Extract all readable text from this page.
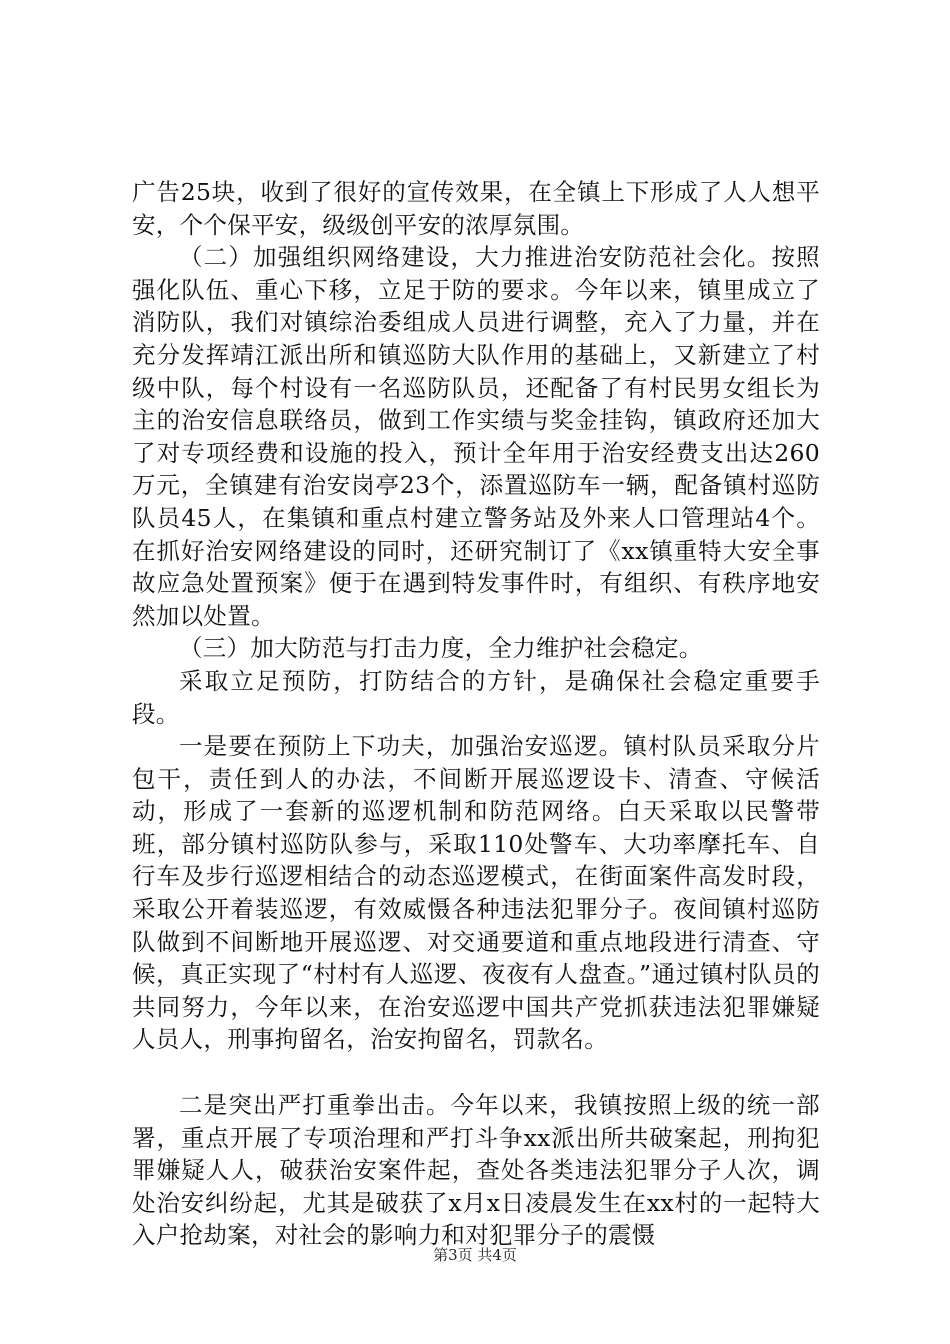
广告25块，收到了很好的宣传效果，在全镇上下形成了人人想平安，个个保平安，级级创平安的浓厚氛围。

（二）加强组织网络建设，大力推进治安防范社会化。按照强化队伍、重心下移，立足于防的要求。今年以来，镇里成立了消防队，我们对镇综治委组成人员进行调整，充入了力量，并在充分发挥靖江派出所和镇巡防大队作用的基础上，又新建立了村级中队，每个村设有一名巡防队员，还配备了有村民男女组长为主的治安信息联络员，做到工作实绩与奖金挂钩，镇政府还加大了对专项经费和设施的投入，预计全年用于治安经费支出达260万元，全镇建有治安岗亭23个，添置巡防车一辆，配备镇村巡防队员45人，在集镇和重点村建立警务站及外来人口管理站4个。在抓好治安网络建设的同时，还研究制订了《xx镇重特大安全事故应急处置预案》便于在遇到特发事件时，有组织、有秩序地安然加以处置。

（三）加大防范与打击力度，全力维护社会稳定。

采取立足预防，打防结合的方针，是确保社会稳定重要手段。

一是要在预防上下功夫，加强治安巡逻。镇村队员采取分片包干，责任到人的办法，不间断开展巡逻设卡、清查、守候活动，形成了一套新的巡逻机制和防范网络。白天采取以民警带班，部分镇村巡防队参与，采取110处警车、大功率摩托车、自行车及步行巡逻相结合的动态巡逻模式，在街面案件高发时段，采取公开着装巡逻，有效威慑各种违法犯罪分子。夜间镇村巡防队做到不间断地开展巡逻、对交通要道和重点地段进行清查、守候，真正实现了“村村有人巡逻、夜夜有人盘查。”通过镇村队员的共同努力，今年以来，在治安巡逻中国共产党抓获违法犯罪嫌疑人员人，刑事拘留名，治安拘留名，罚款名。

二是突出严打重拳出击。今年以来，我镇按照上级的统一部署，重点开展了专项治理和严打斗争xx派出所共破案起，刑拘犯罪嫌疑人人，破获治安案件起，查处各类违法犯罪分子人次，调处治安纠纷起，尤其是破获了x月x日凌晨发生在xx村的一起特大入户抢劫案，对社会的影响力和对犯罪分子的震慑

第3页 共4页
